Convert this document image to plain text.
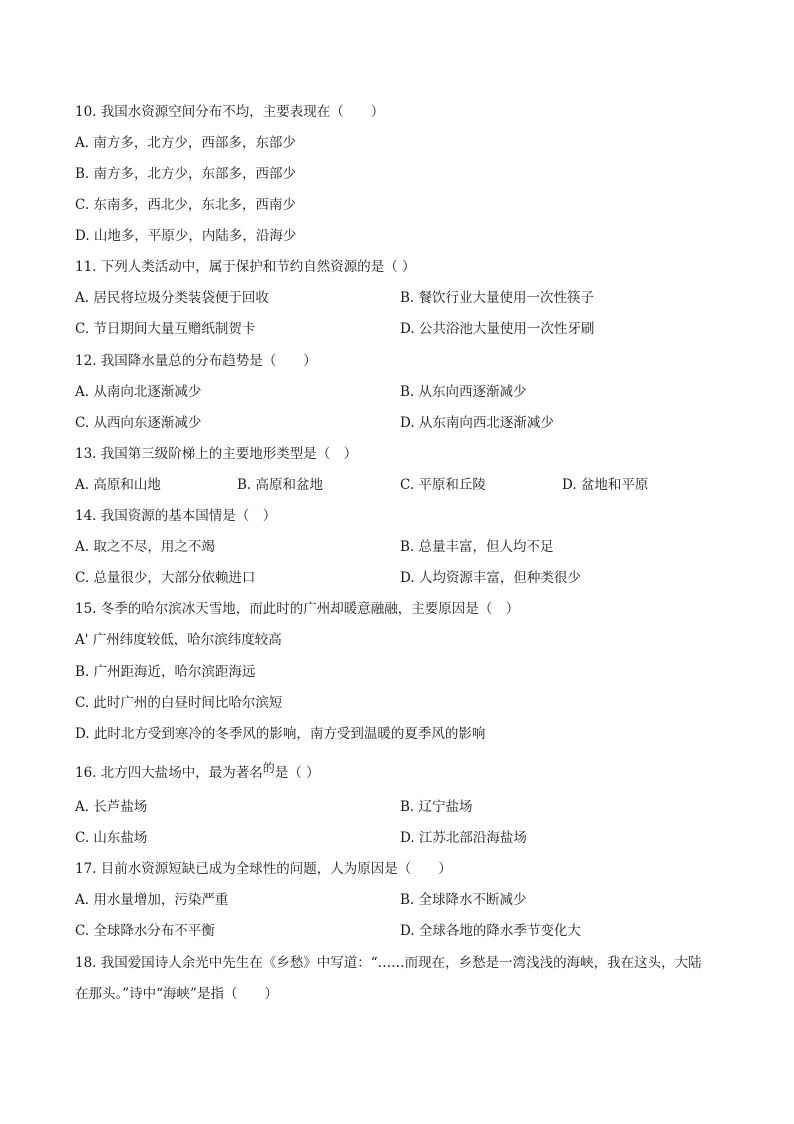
10. 我国水资源空间分布不均，主要表现在（　　）
A. 南方多，北方少，西部多，东部少
B. 南方多，北方少，东部多，西部少
C. 东南多，西北少，东北多，西南少
D. 山地多，平原少，内陆多，沿海少
11. 下列人类活动中，属于保护和节约自然资源的是（ ）
A. 居民将垃圾分类装袋便于回收	B. 餐饮行业大量使用一次性筷子
C. 节日期间大量互赠纸制贺卡	D. 公共浴池大量使用一次性牙刷
12. 我国降水量总的分布趋势是（　　）
A. 从南向北逐渐减少	B. 从东向西逐渐减少
C. 从西向东逐渐减少	D. 从东南向西北逐渐减少
13. 我国第三级阶梯上的主要地形类型是（　）
A. 高原和山地	B. 高原和盆地	C. 平原和丘陵	D. 盆地和平原
14. 我国资源的基本国情是（　）
A. 取之不尽，用之不竭	B. 总量丰富，但人均不足
C. 总量很少，大部分依赖进口	D. 人均资源丰富，但种类很少
15. 冬季的哈尔滨冰天雪地，而此时的广州却暖意融融，主要原因是（　）
A' 广州纬度较低，哈尔滨纬度较高
B. 广州距海近，哈尔滨距海远
C. 此时广州的白昼时间比哈尔滨短
D. 此时北方受到寒冷的冬季风的影响，南方受到温暖的夏季风的影响
16. 北方四大盐场中，最为著名的是（ ）
A. 长芦盐场	B. 辽宁盐场
C. 山东盐场	D. 江苏北部沿海盐场
17. 目前水资源短缺已成为全球性的问题，人为原因是（　　）
A. 用水量增加，污染严重	B. 全球降水不断减少
C. 全球降水分布不平衡	D. 全球各地的降水季节变化大
18. 我国爱国诗人余光中先生在《乡愁》中写道：“……而现在，乡愁是一湾浅浅的海峡，我在这头，大陆
在那头。”诗中“海峡”是指（　　）
